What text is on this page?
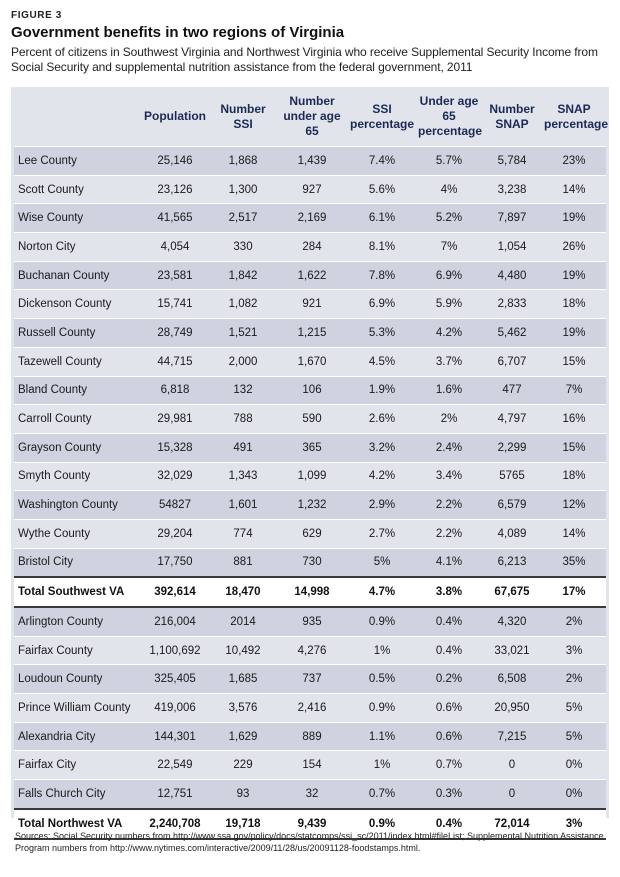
FIGURE 3
Government benefits in two regions of Virginia
Percent of citizens in Southwest Virginia and Northwest Virginia who receive Supplemental Security Income from Social Security and supplemental nutrition assistance from the federal government, 2011
	Population	Number SSI	Number under age 65	SSI percentage	Under age 65 percentage	Number SNAP	SNAP percentage
Lee County	25,146	1,868	1,439	7.4%	5.7%	5,784	23%
Scott County	23,126	1,300	927	5.6%	4%	3,238	14%
Wise County	41,565	2,517	2,169	6.1%	5.2%	7,897	19%
Norton City	4,054	330	284	8.1%	7%	1,054	26%
Buchanan County	23,581	1,842	1,622	7.8%	6.9%	4,480	19%
Dickenson County	15,741	1,082	921	6.9%	5.9%	2,833	18%
Russell County	28,749	1,521	1,215	5.3%	4.2%	5,462	19%
Tazewell County	44,715	2,000	1,670	4.5%	3.7%	6,707	15%
Bland County	6,818	132	106	1.9%	1.6%	477	7%
Carroll County	29,981	788	590	2.6%	2%	4,797	16%
Grayson County	15,328	491	365	3.2%	2.4%	2,299	15%
Smyth County	32,029	1,343	1,099	4.2%	3.4%	5765	18%
Washington County	54827	1,601	1,232	2.9%	2.2%	6,579	12%
Wythe County	29,204	774	629	2.7%	2.2%	4,089	14%
Bristol City	17,750	881	730	5%	4.1%	6,213	35%
Total Southwest VA	392,614	18,470	14,998	4.7%	3.8%	67,675	17%
Arlington County	216,004	2014	935	0.9%	0.4%	4,320	2%
Fairfax County	1,100,692	10,492	4,276	1%	0.4%	33,021	3%
Loudoun County	325,405	1,685	737	0.5%	0.2%	6,508	2%
Prince William County	419,006	3,576	2,416	0.9%	0.6%	20,950	5%
Alexandria City	144,301	1,629	889	1.1%	0.6%	7,215	5%
Fairfax City	22,549	229	154	1%	0.7%	0	0%
Falls Church City	12,751	93	32	0.7%	0.3%	0	0%
Total Northwest VA	2,240,708	19,718	9,439	0.9%	0.4%	72,014	3%
Sources: Social Security numbers from http://www.ssa.gov/policy/docs/statcomps/ssi_sc/2011/index.html#fileList; Supplemental Nutrition Assistance Program numbers from http://www.nytimes.com/interactive/2009/11/28/us/20091128-foodstamps.html.
